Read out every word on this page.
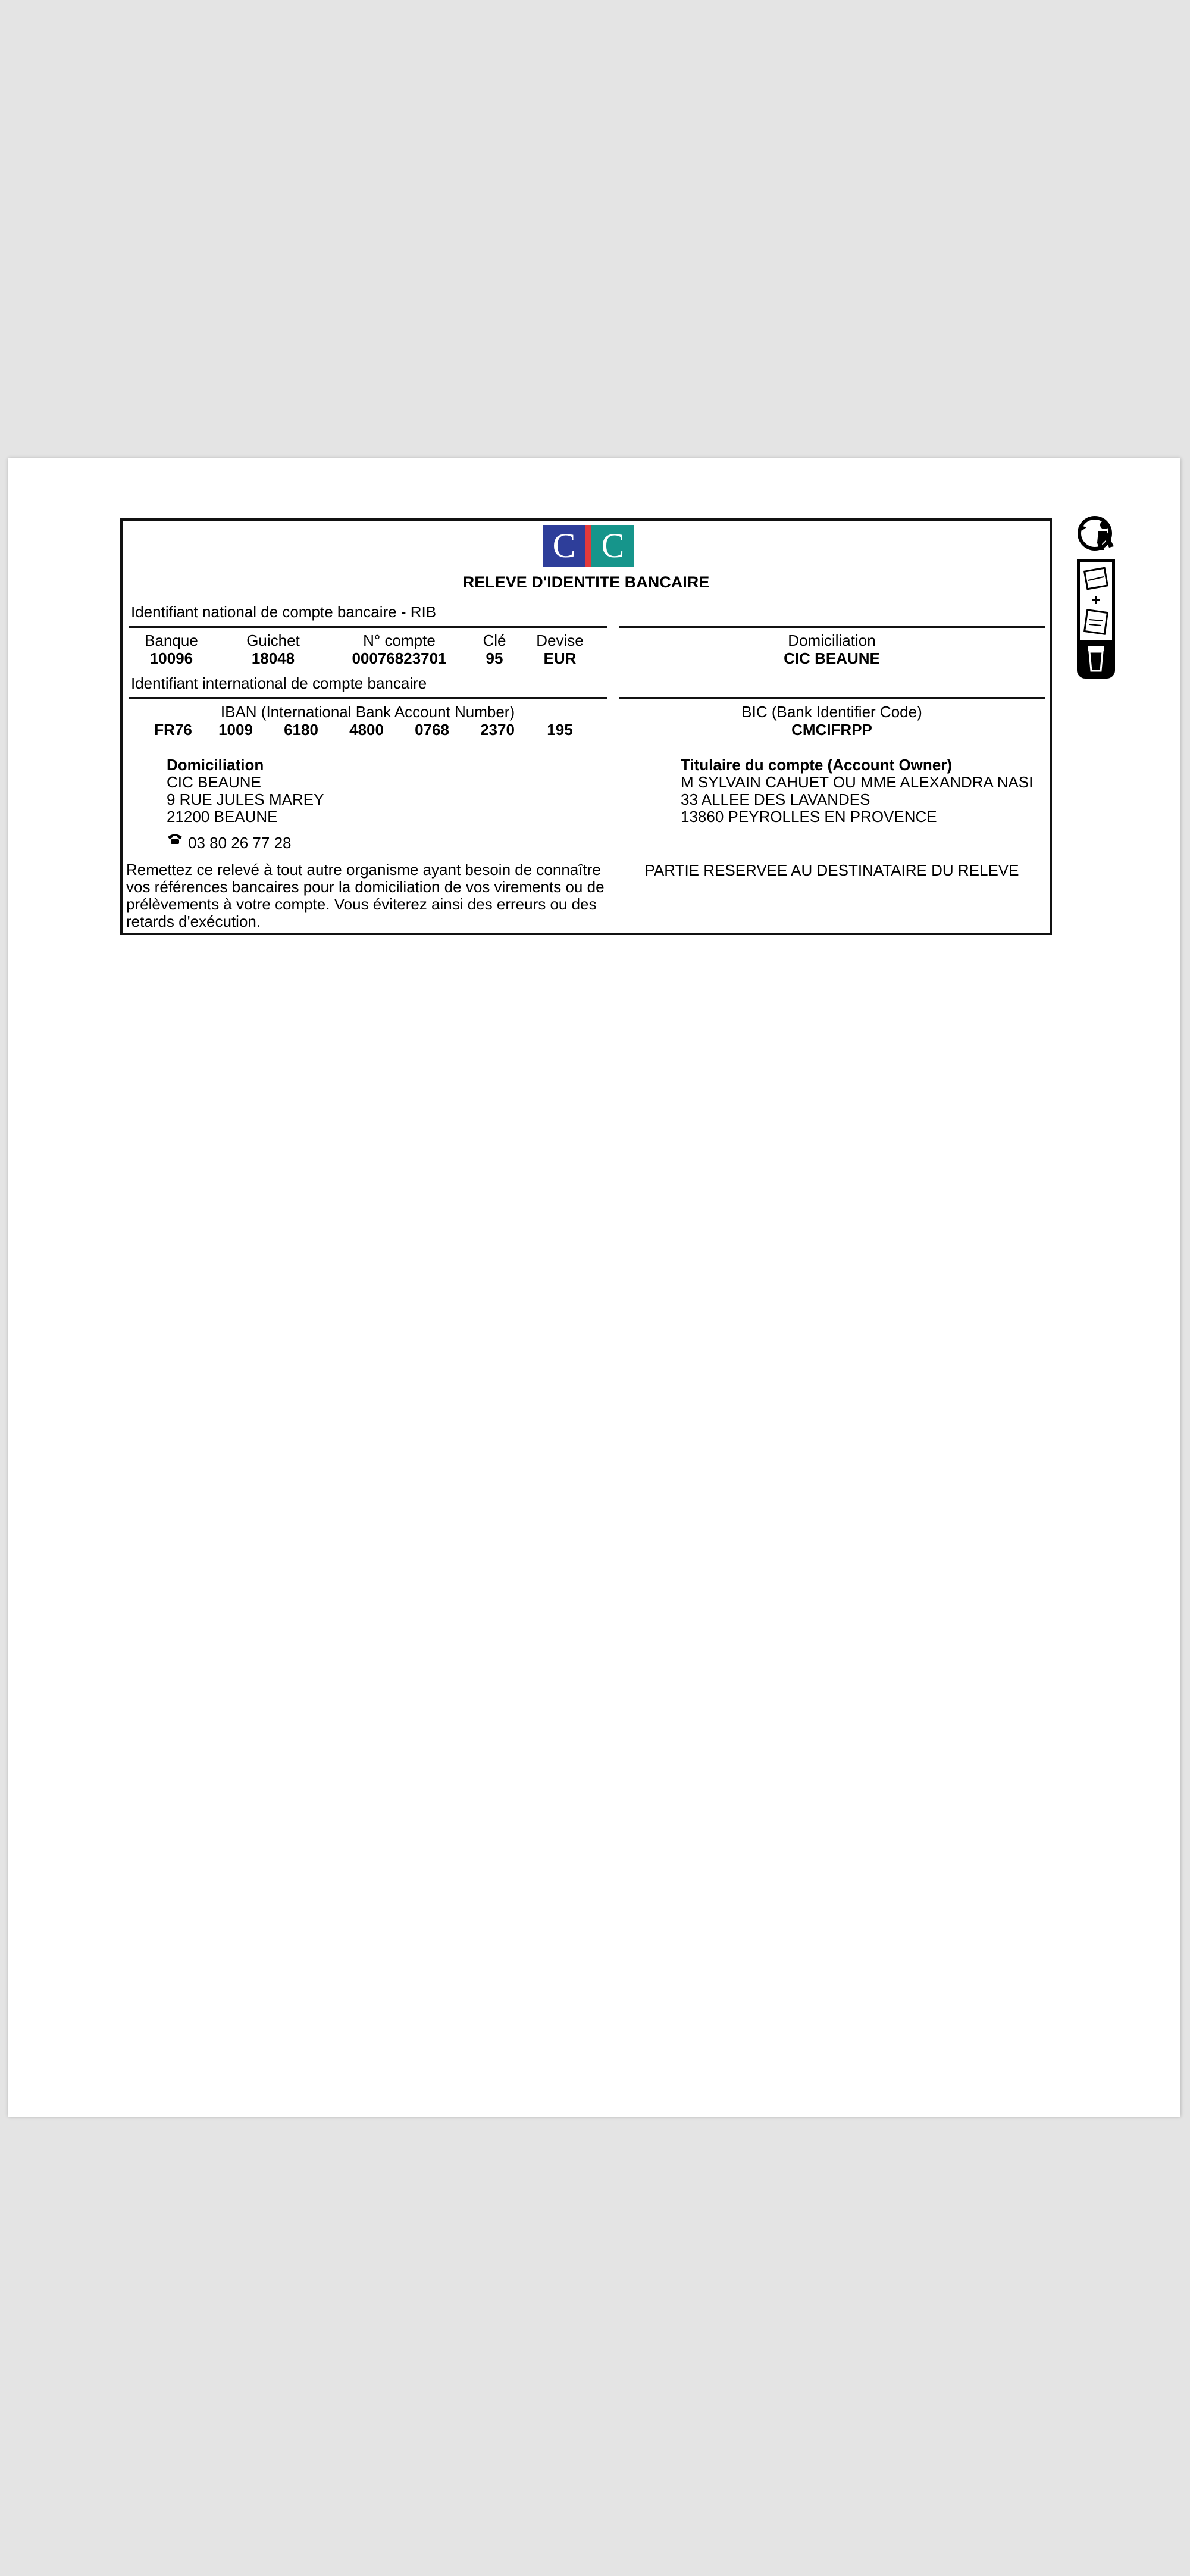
C C
RELEVE D'IDENTITE BANCAIRE
Identifiant national de compte bancaire - RIB
Banque	Guichet	N° compte	Clé	Devise
10096	18048	00076823701	95	EUR
Domiciliation
CIC BEAUNE
Identifiant international de compte bancaire
IBAN (International Bank Account Number)
FR76	1009	6180	4800	0768	2370	195
BIC (Bank Identifier Code)
CMCIFRPP
Domiciliation
CIC BEAUNE
9 RUE JULES MAREY
21200 BEAUNE
03 80 26 77 28
Titulaire du compte (Account Owner)
M SYLVAIN CAHUET OU MME ALEXANDRA NASI
33 ALLEE DES LAVANDES
13860 PEYROLLES EN PROVENCE
Remettez ce relevé à tout autre organisme ayant besoin de connaître
vos références bancaires pour la domiciliation de vos virements ou de
prélèvements à votre compte. Vous éviterez ainsi des erreurs ou des
retards d'exécution.
PARTIE RESERVEE AU DESTINATAIRE DU RELEVE
+
